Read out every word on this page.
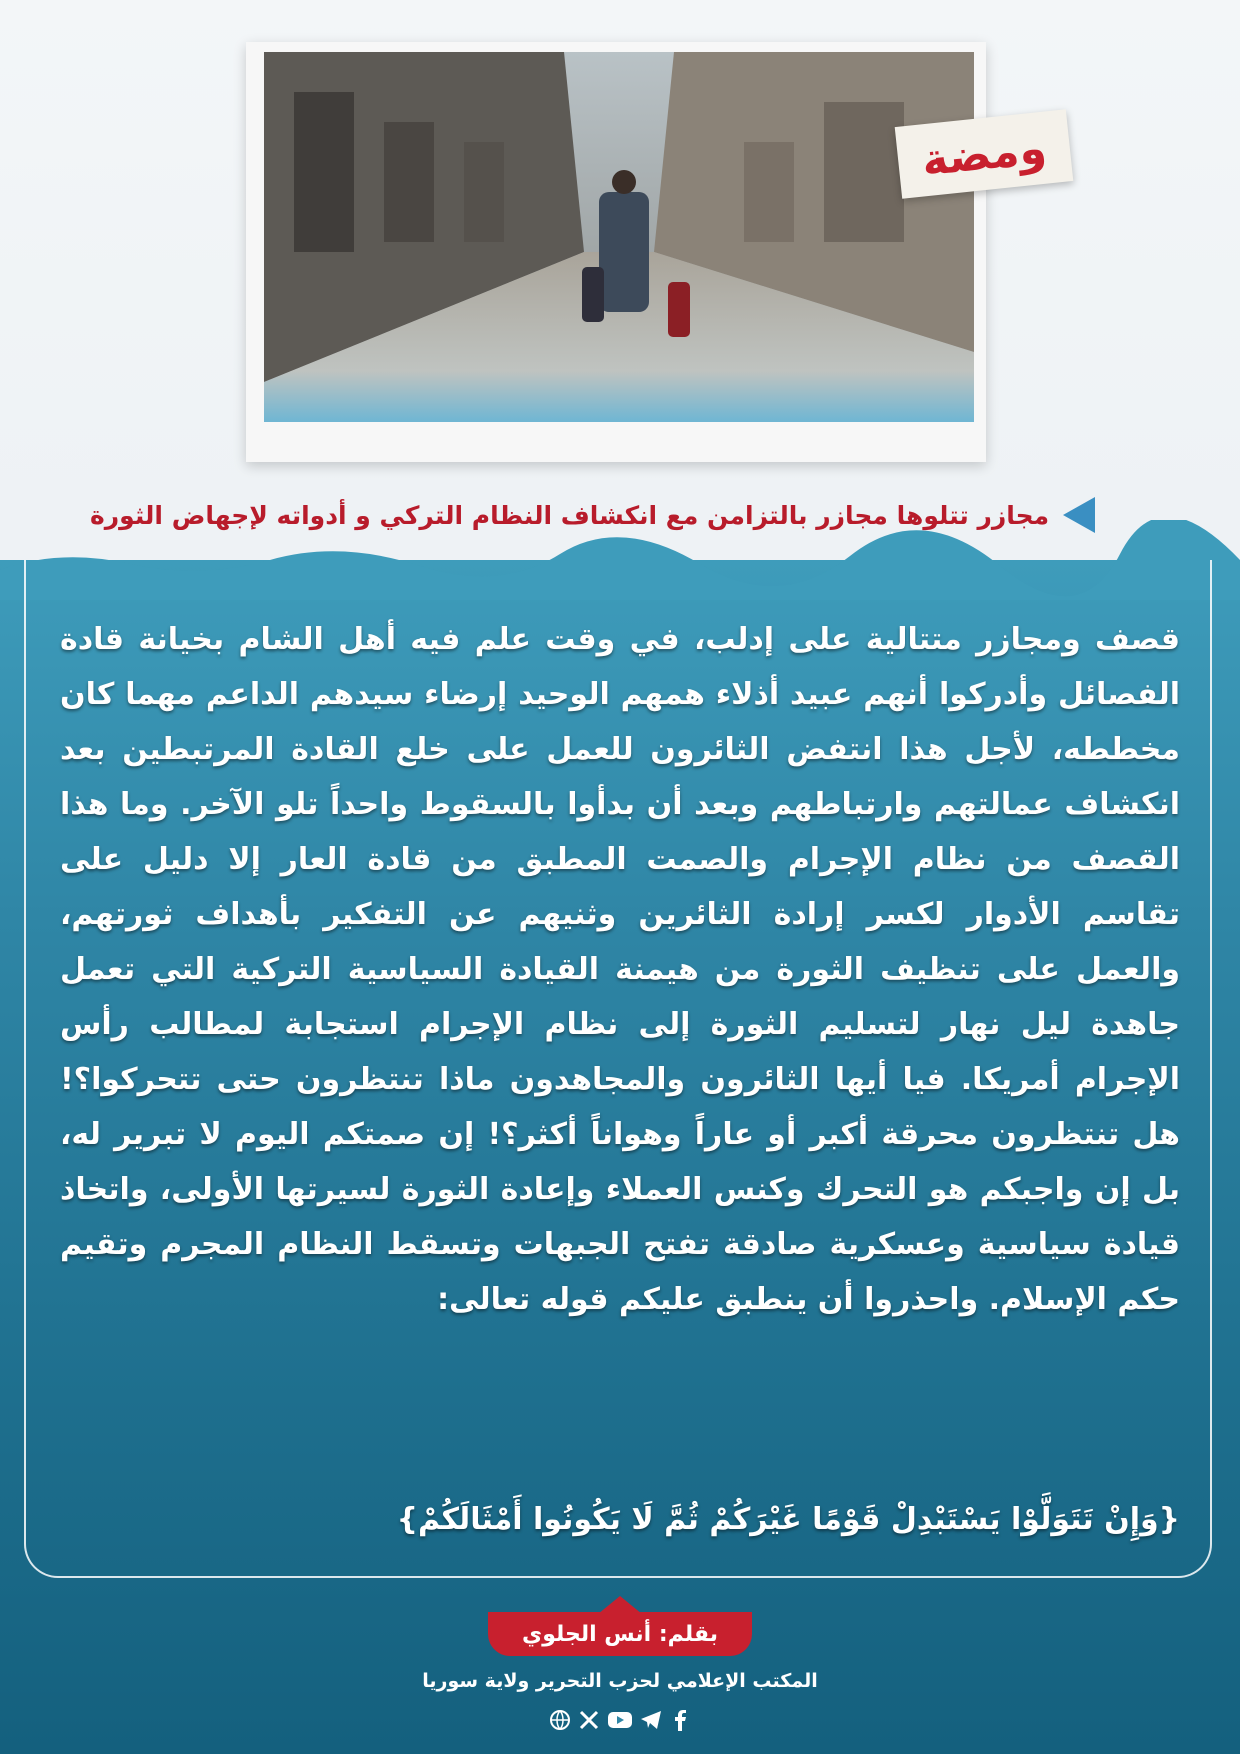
ومضة
مجازر تتلوها مجازر بالتزامن مع انكشاف النظام التركي و أدواته لإجهاض الثورة
قصف ومجازر متتالية على إدلب، في وقت علم فيه أهل الشام بخيانة قادة الفصائل وأدركوا أنهم عبيد أذلاء همهم الوحيد إرضاء سيدهم الداعم مهما كان مخططه، لأجل هذا انتفض الثائرون للعمل على خلع القادة المرتبطين بعد انكشاف عمالتهم وارتباطهم وبعد أن بدأوا بالسقوط واحداً تلو الآخر. وما هذا القصف من نظام الإجرام والصمت المطبق من قادة العار إلا دليل على تقاسم الأدوار لكسر إرادة الثائرين وثنيهم عن التفكير بأهداف ثورتهم، والعمل على تنظيف الثورة من هيمنة القيادة السياسية التركية التي تعمل جاهدة ليل نهار لتسليم الثورة إلى نظام الإجرام استجابة لمطالب رأس الإجرام أمريكا. فيا أيها الثائرون والمجاهدون ماذا تنتظرون حتى تتحركوا؟! هل تنتظرون محرقة أكبر أو عاراً وهواناً أكثر؟! إن صمتكم اليوم لا تبرير له، بل إن واجبكم هو التحرك وكنس العملاء وإعادة الثورة لسيرتها الأولى، واتخاذ قيادة سياسية وعسكرية صادقة تفتح الجبهات وتسقط النظام المجرم وتقيم حكم الإسلام. واحذروا أن ينطبق عليكم قوله تعالى:
{وَإِنْ تَتَوَلَّوْا يَسْتَبْدِلْ قَوْمًا غَيْرَكُمْ ثُمَّ لَا يَكُونُوا أَمْثَالَكُمْ}
بقلم: أنس الجلوي
المكتب الإعلامي لحزب التحرير ولاية سوريا
